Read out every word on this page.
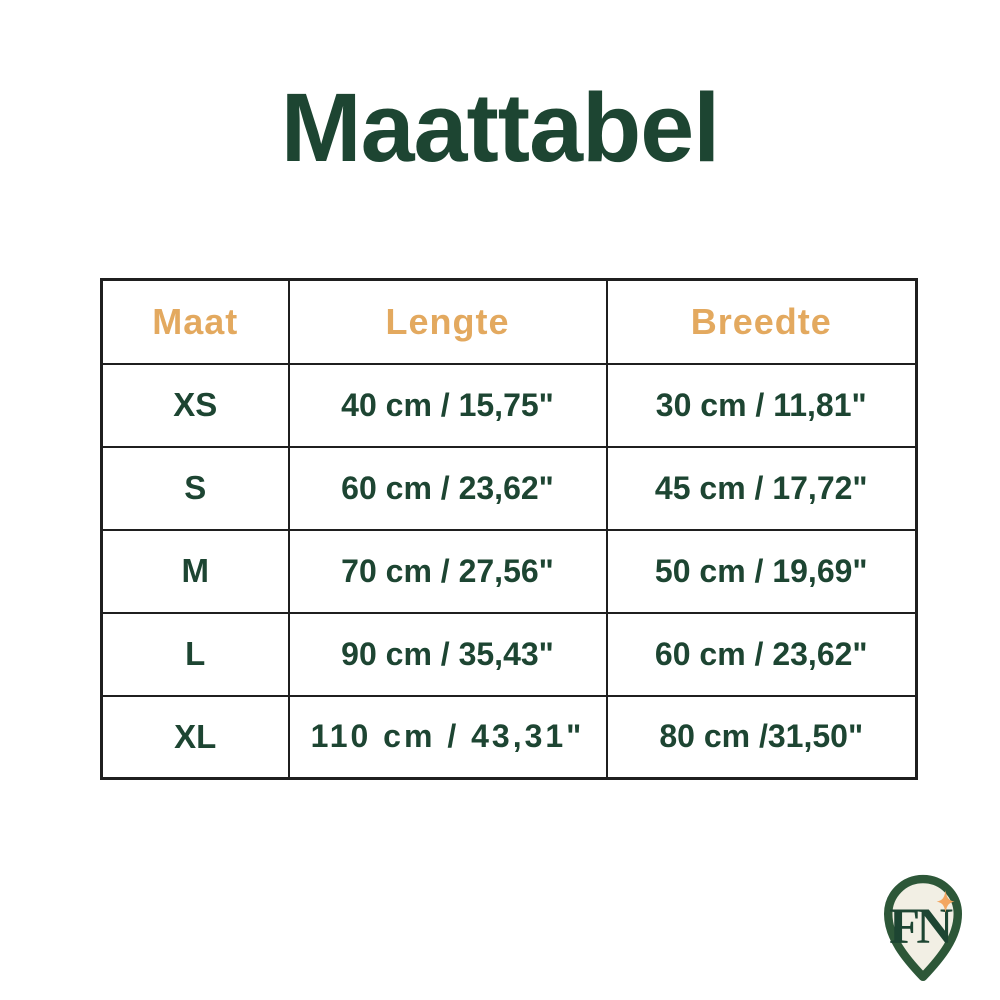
Maattabel
Maat	Lengte	Breedte
XS	40 cm / 15,75"	30 cm / 11,81"
S	60 cm / 23,62"	45 cm / 17,72"
M	70 cm / 27,56"	50 cm / 19,69"
L	90 cm / 35,43"	60 cm / 23,62"
XL	110 cm / 43,31"	80 cm /31,50"
FN
